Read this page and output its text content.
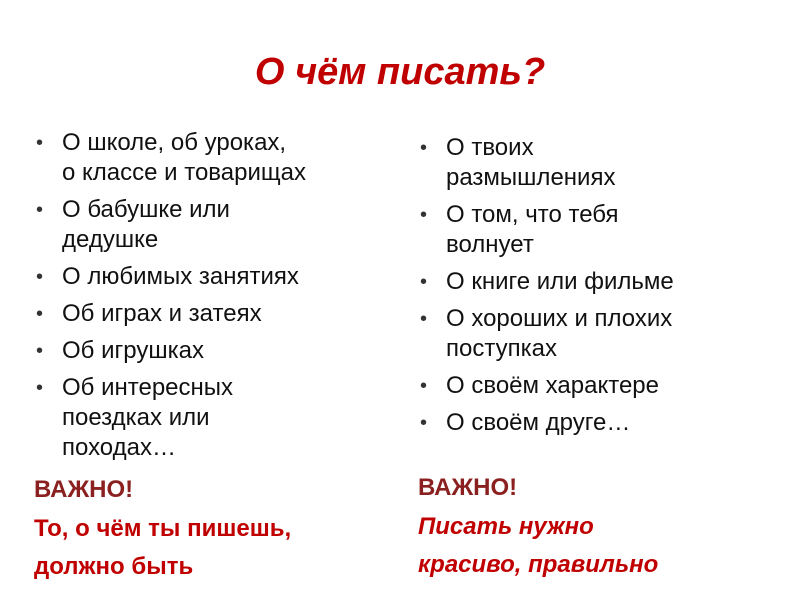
О чём писать?
• О школе, об уроках,
о классе и товарищах
• О бабушке или
дедушке
• О любимых занятиях
• Об играх и затеях
• Об игрушках
• Об интересных
поездках или
походах…
ВАЖНО!
То, о чём ты пишешь,
должно быть
• О твоих
размышлениях
• О том, что тебя
волнует
• О книге или фильме
• О хороших и плохих
поступках
• О своём характере
• О своём друге…
ВАЖНО!
Писать нужно
красиво, правильно
